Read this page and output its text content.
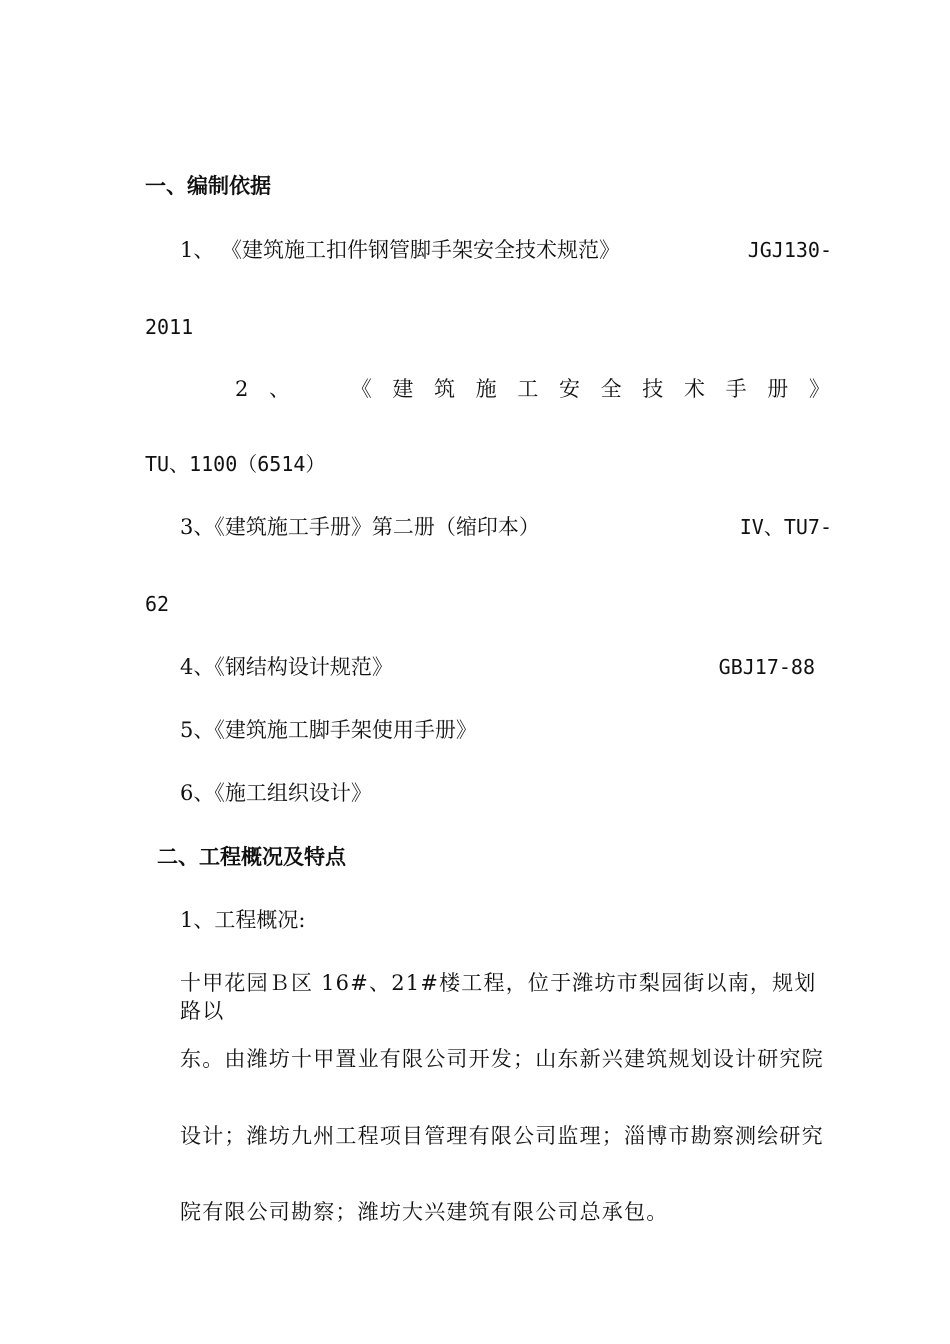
一、编制依据
1、 《建筑施工扣件钢管脚手架安全技术规范》	JGJ130-
2011
2 、	《 建 筑 施 工 安 全 技 术 手 册 》
TU、1100（6514）
3、《建筑施工手册》第二册（缩印本）	IV、TU7-
62
4、《钢结构设计规范》	GBJ17-88
5、《建筑施工脚手架使用手册》
6、《施工组织设计》
二、工程概况及特点
1、工程概况:
十甲花园Ｂ区 16#、21#楼工程，位于潍坊市梨园街以南，规划路以
东。由潍坊十甲置业有限公司开发；山东新兴建筑规划设计研究院
设计；潍坊九州工程项目管理有限公司监理；淄博市勘察测绘研究
院有限公司勘察；潍坊大兴建筑有限公司总承包。
